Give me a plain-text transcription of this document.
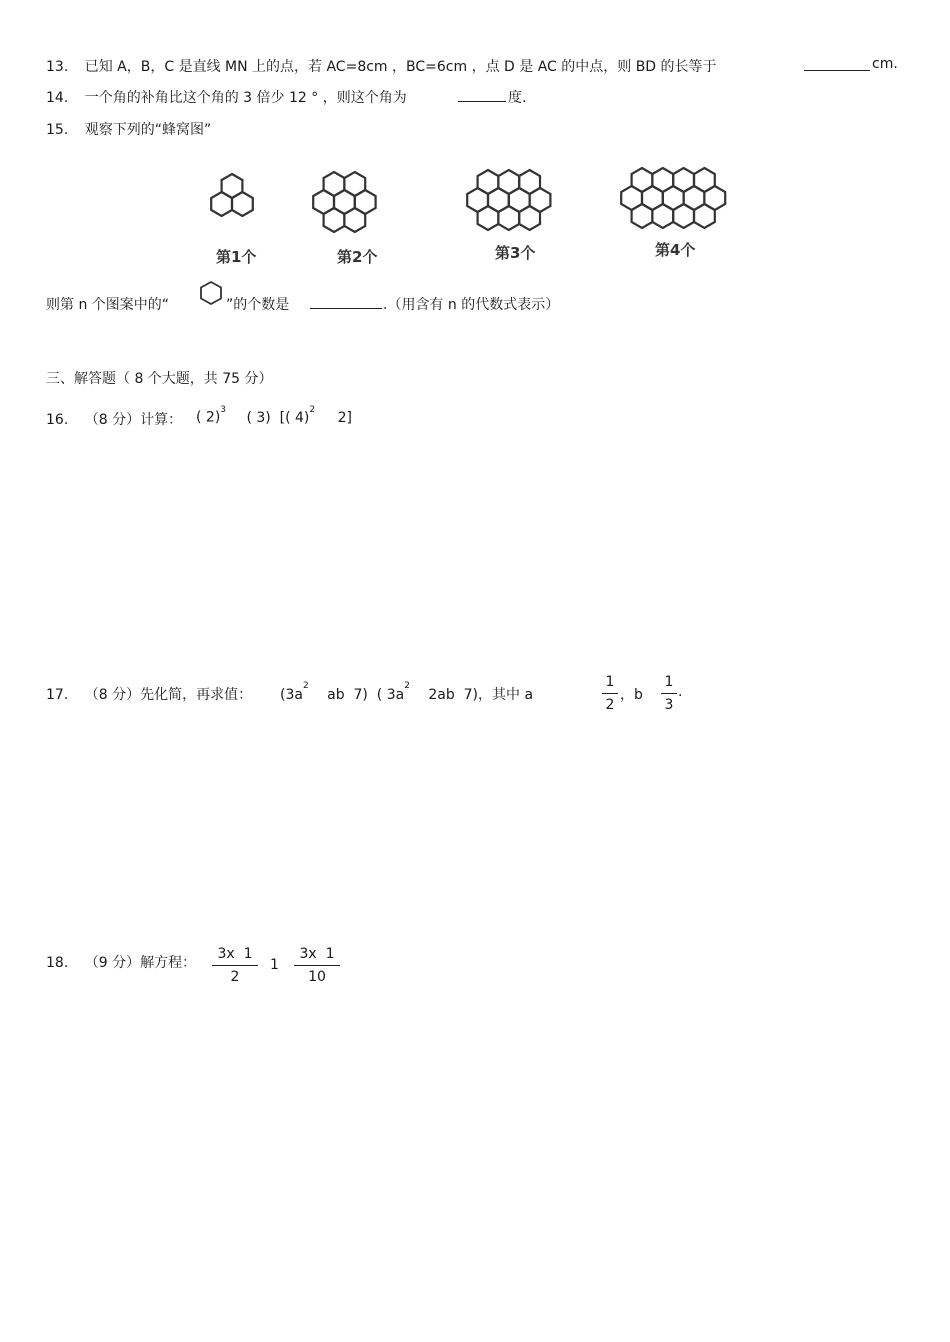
13. 已知 A，B，C 是直线 MN 上的点，若 AC=8cm ，BC=6cm ，点 D 是 AC 的中点，则 BD 的长等于	cm.
14. 一个角的补角比这个角的 3 倍少 12 ° ，则这个角为	度.
15. 观察下列的“蜂窝图”
第1个	第2个	第3个	第4个
则第 n 个图案中的“	”的个数是	.（用含有 n 的代数式表示）
三、解答题（ 8 个大题，共 75 分）
16. （8 分）计算： ( 2)$^3$ ( 3)  [( 4)$^2$ 2]
17. （8 分）先化简，再求值： ($3a^2$ ab  7)  ( $3a^2$ 2ab  7)，其中 a
1
2
，b
1
3
.
18. （9 分）解方程：
3x  1
2
1
3x  1
10
